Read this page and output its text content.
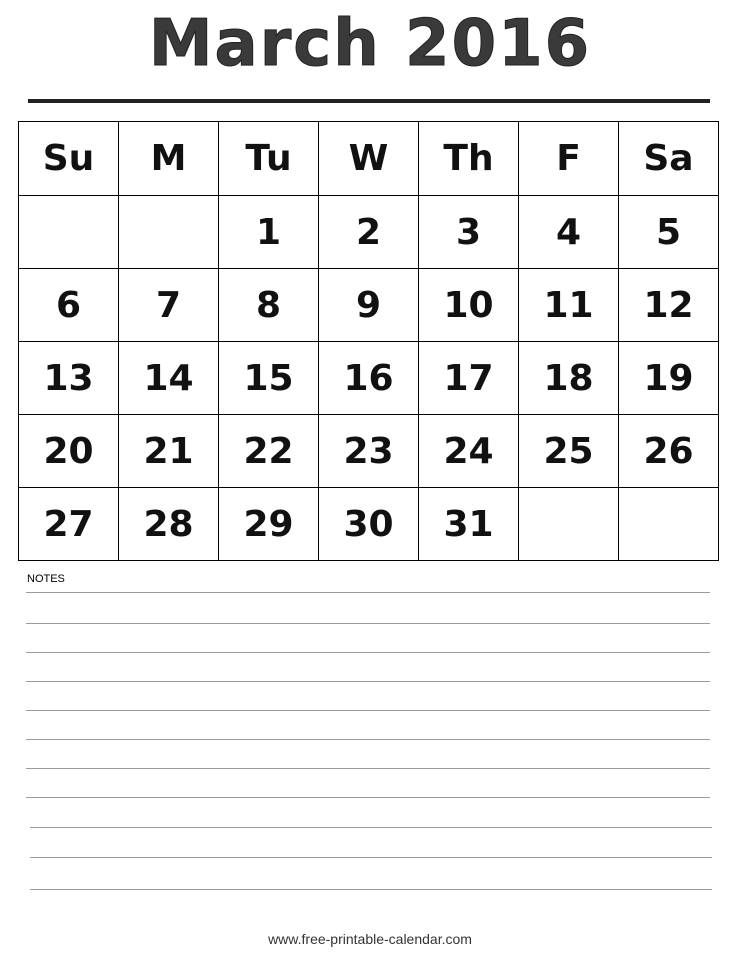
March 2016
Su	M	Tu	W	Th	F	Sa
		1	2	3	4	5
6	7	8	9	10	11	12
13	14	15	16	17	18	19
20	21	22	23	24	25	26
27	28	29	30	31		
NOTES
www.free-printable-calendar.com
